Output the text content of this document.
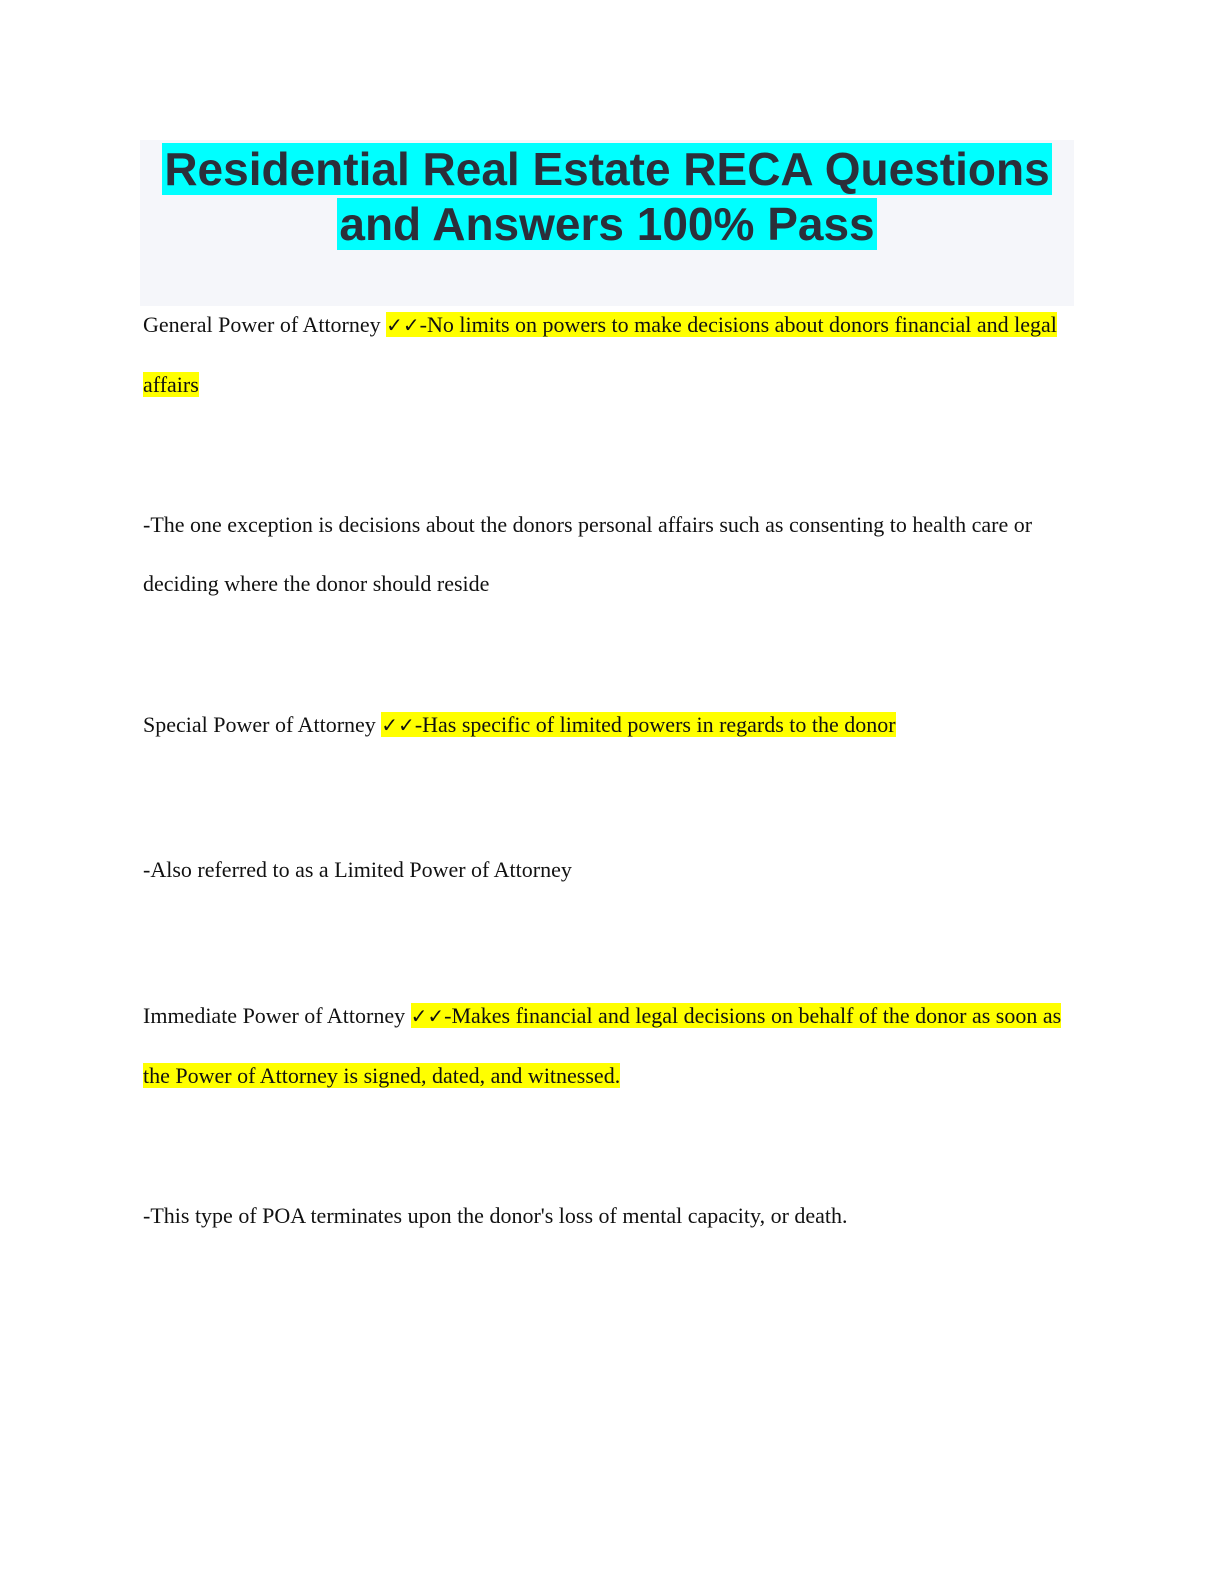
Residential Real Estate RECA Questions and Answers 100% Pass

General Power of Attorney ✓✓-No limits on powers to make decisions about donors financial and legal affairs

-The one exception is decisions about the donors personal affairs such as consenting to health care or deciding where the donor should reside

Special Power of Attorney ✓✓-Has specific of limited powers in regards to the donor

-Also referred to as a Limited Power of Attorney

Immediate Power of Attorney ✓✓-Makes financial and legal decisions on behalf of the donor as soon as the Power of Attorney is signed, dated, and witnessed.

-This type of POA terminates upon the donor's loss of mental capacity, or death.
